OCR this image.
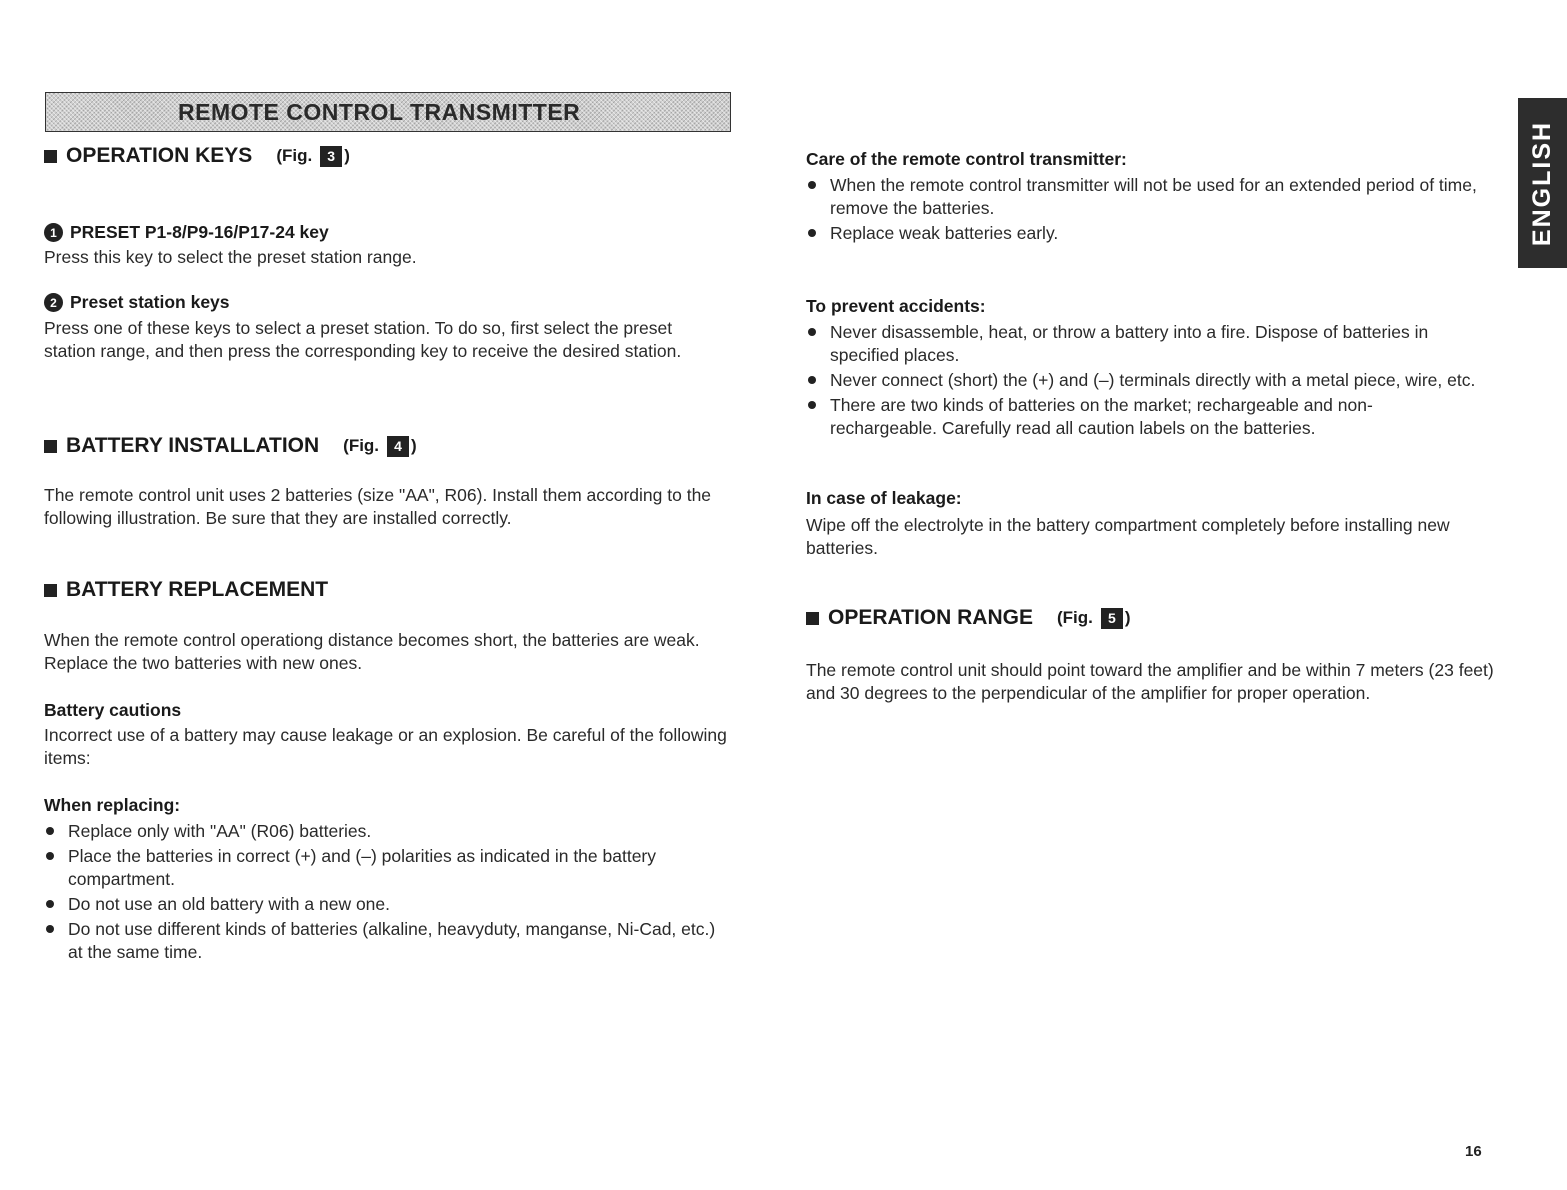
REMOTE CONTROL TRANSMITTER
ENGLISH
OPERATION KEYS (Fig.	3 )
1 PRESET P1-8/P9-16/P17-24 key
Press this key to select the preset station range.
2 Preset station keys
Press one of these keys to select a preset station. To do so, first select the preset station range, and then press the corresponding key to receive the desired station.
BATTERY INSTALLATION (Fig.	4 )
The remote control unit uses 2 batteries (size "AA", R06). Install them according to the following illustration. Be sure that they are installed correctly.
BATTERY REPLACEMENT
When the remote control operationg distance becomes short, the batteries are weak. Replace the two batteries with new ones.
Battery cautions
Incorrect use of a battery may cause leakage or an explosion. Be careful of the following items:
When replacing:
Replace only with "AA" (R06) batteries.
Place the batteries in correct (+) and (–) polarities as indicated in the battery compartment.
Do not use an old battery with a new one.
Do not use different kinds of batteries (alkaline, heavyduty, manganse, Ni-Cad, etc.) at the same time.
Care of the remote control transmitter:
When the remote control transmitter will not be used for an extended period of time, remove the batteries.
Replace weak batteries early.
To prevent accidents:
Never disassemble, heat, or throw a battery into a fire. Dispose of batteries in specified places.
Never connect (short) the (+) and (–) terminals directly with a metal piece, wire, etc.
There are two kinds of batteries on the market; rechargeable and non-rechargeable. Carefully read all caution labels on the batteries.
In case of leakage:
Wipe off the electrolyte in the battery compartment completely before installing new batteries.
OPERATION RANGE (Fig.	5 )
The remote control unit should point toward the amplifier and be within 7 meters (23 feet) and 30 degrees to the perpendicular of the amplifier for proper operation.
16
